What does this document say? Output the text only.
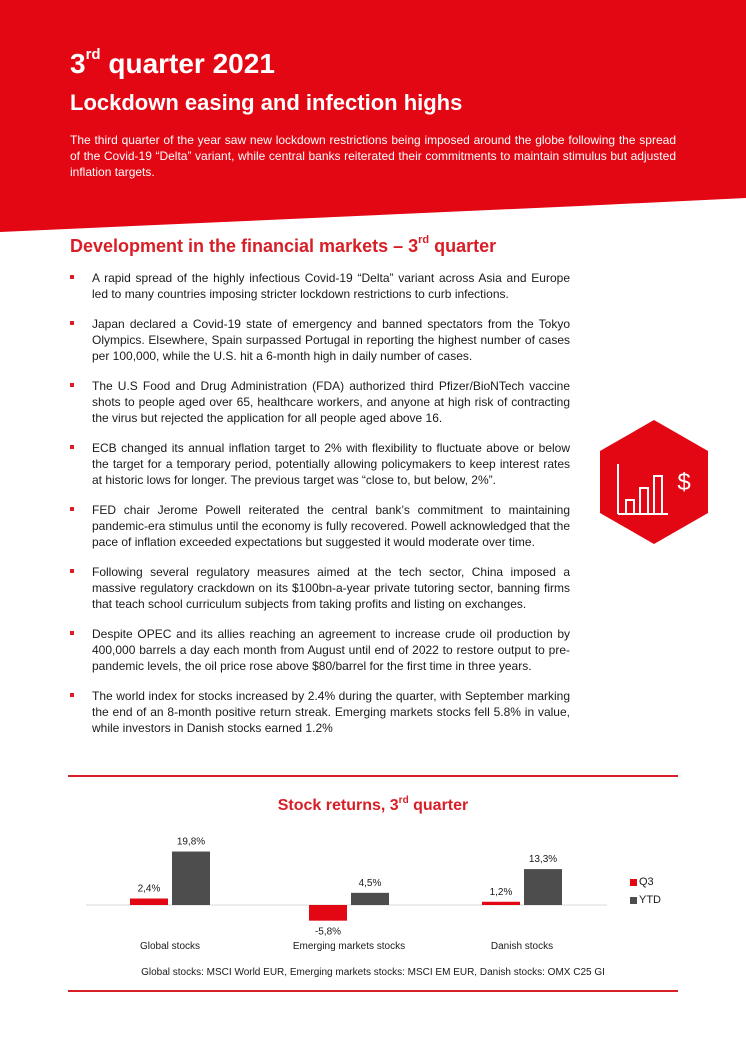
3rd quarter 2021
Lockdown easing and infection highs

The third quarter of the year saw new lockdown restrictions being imposed around the globe following the spread of the Covid-19 “Delta” variant, while central banks reiterated their commitments to maintain stimulus but adjusted inflation targets.

Development in the financial markets – 3rd quarter
A rapid spread of the highly infectious Covid-19 “Delta” variant across Asia and Europe led to many countries imposing stricter lockdown restrictions to curb infections.
Japan declared a Covid-19 state of emergency and banned spectators from the Tokyo Olympics. Elsewhere, Spain surpassed Portugal in reporting the highest number of cases per 100,000, while the U.S. hit a 6-month high in daily number of cases.
The U.S Food and Drug Administration (FDA) authorized third Pfizer/BioNTech vaccine shots to people aged over 65, healthcare workers, and anyone at high risk of contracting the virus but rejected the application for all people aged above 16.
ECB changed its annual inflation target to 2% with flexibility to fluctuate above or below the target for a temporary period, potentially allowing policymakers to keep interest rates at historic lows for longer. The previous target was “close to, but below, 2%”.
FED chair Jerome Powell reiterated the central bank’s commitment to maintaining pandemic-era stimulus until the economy is fully recovered. Powell acknowledged that the pace of inflation exceeded expectations but suggested it would moderate over time.
Following several regulatory measures aimed at the tech sector, China imposed a massive regulatory crackdown on its $100bn-a-year private tutoring sector, banning firms that teach school curriculum subjects from taking profits and listing on exchanges.
Despite OPEC and its allies reaching an agreement to increase crude oil production by 400,000 barrels a day each month from August until end of 2022 to restore output to pre-pandemic levels, the oil price rose above $80/barrel for the first time in three years.
The world index for stocks increased by 2.4% during the quarter, with September marking the end of an 8-month positive return streak. Emerging markets stocks fell 5.8% in value, while investors in Danish stocks earned 1.2%
$
Stock returns, 3rd quarter
2,4%
-5,8%
1,2%
19,8%
4,5%
13,3%
Global stocks	Emerging markets stocks	Danish stocks
Q3
YTD

Global stocks: MSCI World EUR, Emerging markets stocks: MSCI EM EUR, Danish stocks: OMX C25 GI
